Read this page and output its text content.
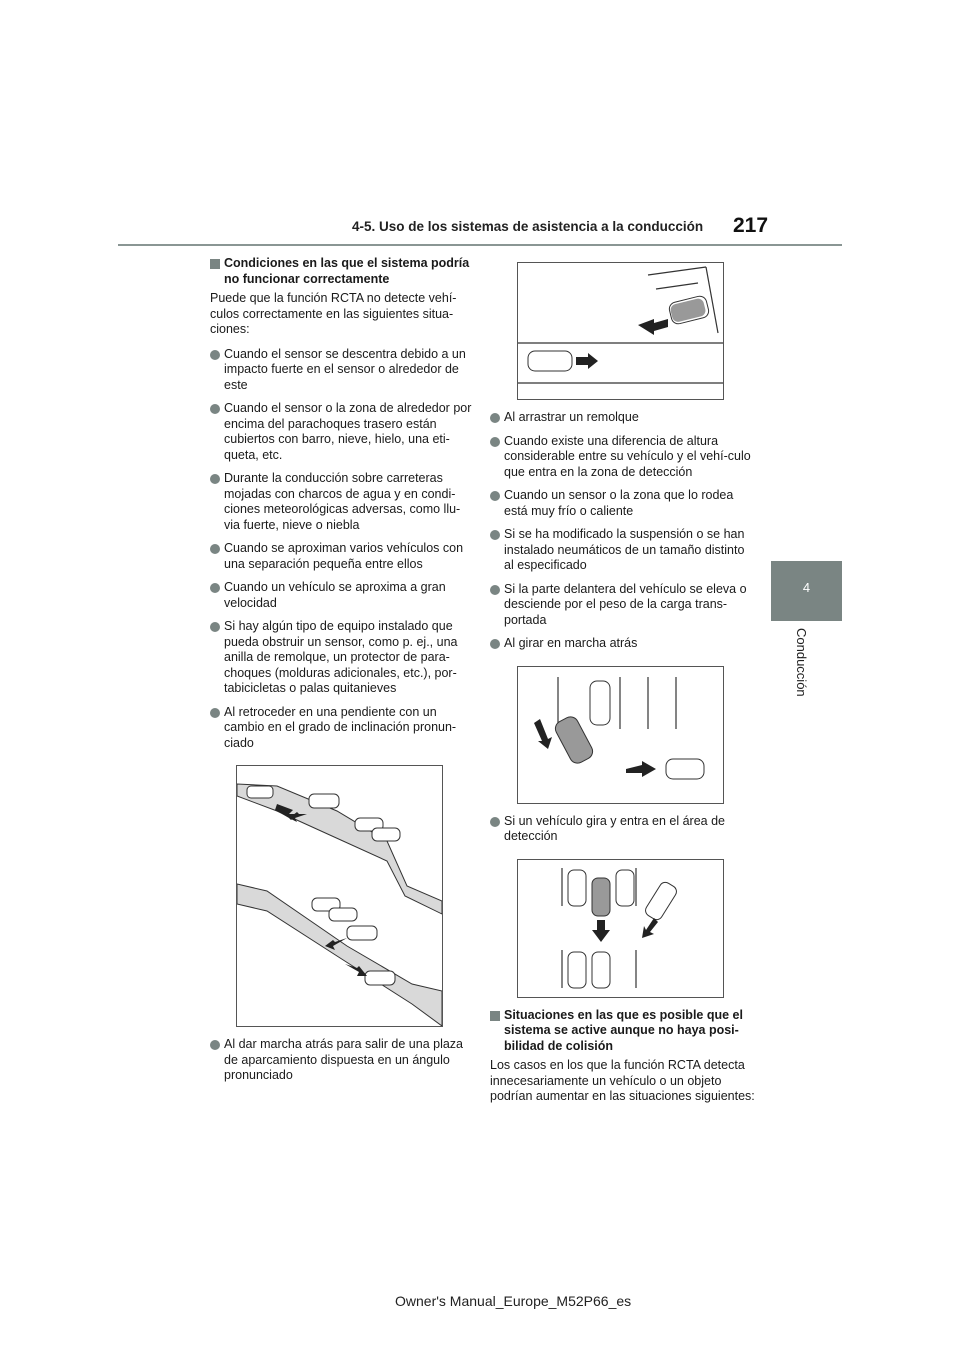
4-5. Uso de los sistemas de asistencia a la conducción 217
4
Conducción
Condiciones en las que el sistema podría no funcionar correctamente

Puede que la función RCTA no detecte vehí-culos correctamente en las siguientes situa-ciones:

Cuando el sensor se descentra debido a un impacto fuerte en el sensor o alrededor de este
Cuando el sensor o la zona de alrededor por encima del parachoques trasero están cubiertos con barro, nieve, hielo, una eti-queta, etc.
Durante la conducción sobre carreteras mojadas con charcos de agua y en condi-ciones meteorológicas adversas, como llu-via fuerte, nieve o niebla
Cuando se aproximan varios vehículos con una separación pequeña entre ellos
Cuando un vehículo se aproxima a gran velocidad
Si hay algún tipo de equipo instalado que pueda obstruir un sensor, como p. ej., una anilla de remolque, un protector de para-choques (molduras adicionales, etc.), por-tabicicletas o palas quitanieves
Al retroceder en una pendiente con un cambio en el grado de inclinación pronun-ciado
Al dar marcha atrás para salir de una plaza de aparcamiento dispuesta en un ángulo pronunciado
Al arrastrar un remolque
Cuando existe una diferencia de altura considerable entre su vehículo y el vehí-culo que entra en la zona de detección
Cuando un sensor o la zona que lo rodea está muy frío o caliente
Si se ha modificado la suspensión o se han instalado neumáticos de un tamaño distinto al especificado
Si la parte delantera del vehículo se eleva o desciende por el peso de la carga trans-portada
Al girar en marcha atrás
Si un vehículo gira y entra en el área de detección
Situaciones en las que es posible que el sistema se active aunque no haya posi-bilidad de colisión

Los casos en los que la función RCTA detecta innecesariamente un vehículo o un objeto podrían aumentar en las situaciones siguientes:

Owner's Manual_Europe_M52P66_es
